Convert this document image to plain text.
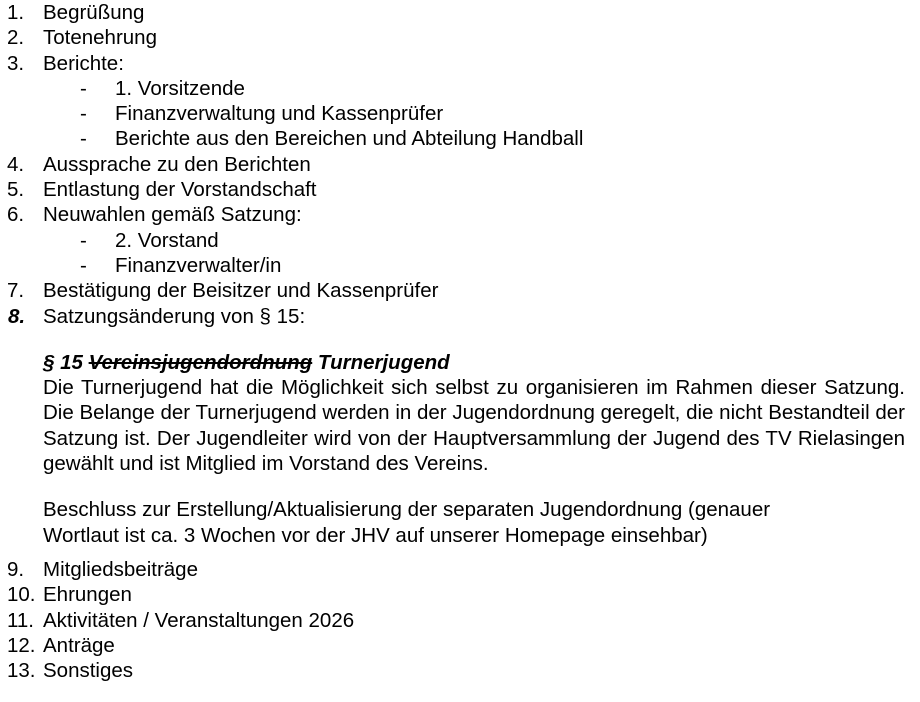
1. Begrüßung
2. Totenehrung
3. Berichte:
- 1. Vorsitzende
- Finanzverwaltung und Kassenprüfer
- Berichte aus den Bereichen und Abteilung Handball
4. Aussprache zu den Berichten
5. Entlastung der Vorstandschaft
6. Neuwahlen gemäß Satzung:
- 2. Vorstand
- Finanzverwalter/in
7. Bestätigung der Beisitzer und Kassenprüfer
8. Satzungsänderung von § 15:
§ 15 Vereinsjugendordnung Turnerjugend
Die Turnerjugend hat die Möglichkeit sich selbst zu organisieren im Rahmen dieser Satzung. Die Belange der Turnerjugend werden in der Jugendordnung geregelt, die nicht Bestandteil der Satzung ist. Der Jugendleiter wird von der Hauptversammlung der Jugend des TV Rielasingen gewählt und ist Mitglied im Vorstand des Vereins.
Beschluss zur Erstellung/Aktualisierung der separaten Jugendordnung (genauer
Wortlaut ist ca. 3 Wochen vor der JHV auf unserer Homepage einsehbar)
9. Mitgliedsbeiträge
10. Ehrungen
11. Aktivitäten / Veranstaltungen 2026
12. Anträge
13. Sonstiges
